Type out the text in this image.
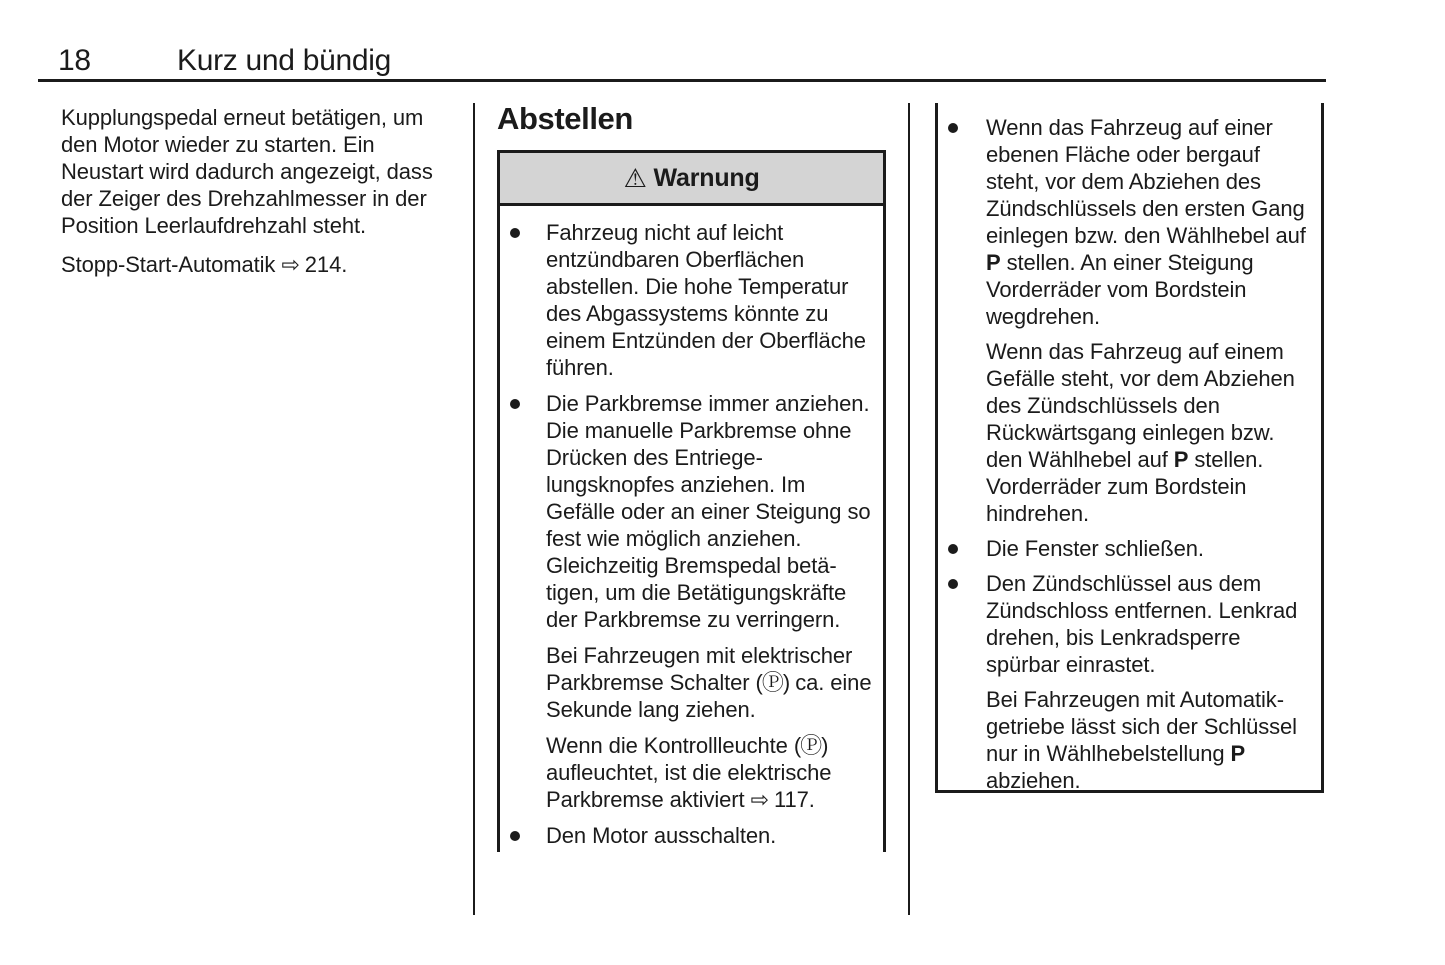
18	Kurz und bündig

Kupplungspedal erneut betätigen, um den Motor wieder zu starten. Ein Neustart wird dadurch angezeigt, dass der Zeiger des Drehzahlmesser in der Position Leerlaufdrehzahl steht.

Stopp-Start-Automatik ⇨ 214.

Abstellen
⚠ Warnung

Fahrzeug nicht auf leicht entzündbaren Oberflächen abstellen. Die hohe Temperatur des Abgassystems könnte zu einem Entzünden der Oberfläche führen.

Die Parkbremse immer anziehen. Die manuelle Parkbremse ohne Drücken des Entriegelungsknopfes anziehen. Im Gefälle oder an einer Steigung so fest wie möglich anziehen. Gleichzeitig Bremspedal betätigen, um die Betätigungskräfte der Parkbremse zu verringern.

Bei Fahrzeugen mit elektrischer Parkbremse Schalter (Ⓟ) ca. eine Sekunde lang ziehen.

Wenn die Kontrollleuchte (Ⓟ) aufleuchtet, ist die elektrische Parkbremse aktiviert ⇨ 117.

Den Motor ausschalten.

Wenn das Fahrzeug auf einer ebenen Fläche oder bergauf steht, vor dem Abziehen des Zündschlüssels den ersten Gang einlegen bzw. den Wählhebel auf P stellen. An einer Steigung Vorderräder vom Bordstein wegdrehen.

Wenn das Fahrzeug auf einem Gefälle steht, vor dem Abziehen des Zündschlüssels den Rückwärtsgang einlegen bzw. den Wählhebel auf P stellen. Vorderräder zum Bordstein hindrehen.

Die Fenster schließen.

Den Zündschlüssel aus dem Zündschloss entfernen. Lenkrad drehen, bis Lenkradsperre spürbar einrastet.

Bei Fahrzeugen mit Automatikgetriebe lässt sich der Schlüssel nur in Wählhebelstellung P abziehen.
